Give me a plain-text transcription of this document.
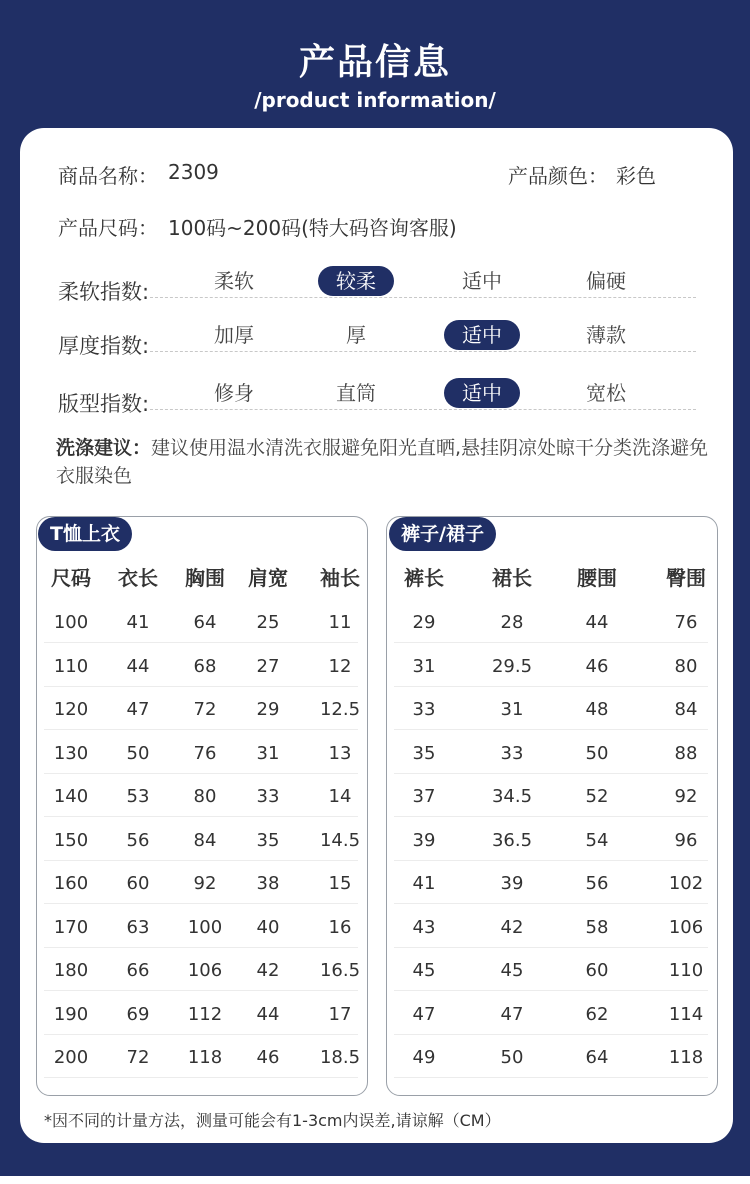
产品信息
/product information/
商品名称： 2309	产品颜色： 彩色
产品尺码： 100码~200码(特大码咨询客服)
柔软指数:	柔软	较柔	适中	偏硬
厚度指数:	加厚	厚	适中	薄款
版型指数:	修身	直筒	适中	宽松
洗涤建议：建议使用温水清洗衣服避免阳光直晒,悬挂阴凉处晾干分类洗涤避免衣服染色
T恤上衣
尺码	衣长	胸围	肩宽	袖长
100	41	64	25	11
110	44	68	27	12
120	47	72	29	12.5
130	50	76	31	13
140	53	80	33	14
150	56	84	35	14.5
160	60	92	38	15
170	63	100	40	16
180	66	106	42	16.5
190	69	112	44	17
200	72	118	46	18.5
裤子/裙子
裤长	裙长	腰围	臀围
29	28	44	76
31	29.5	46	80
33	31	48	84
35	33	50	88
37	34.5	52	92
39	36.5	54	96
41	39	56	102
43	42	58	106
45	45	60	110
47	47	62	114
49	50	64	118
*因不同的计量方法，测量可能会有1-3cm内误差,请谅解（CM）
